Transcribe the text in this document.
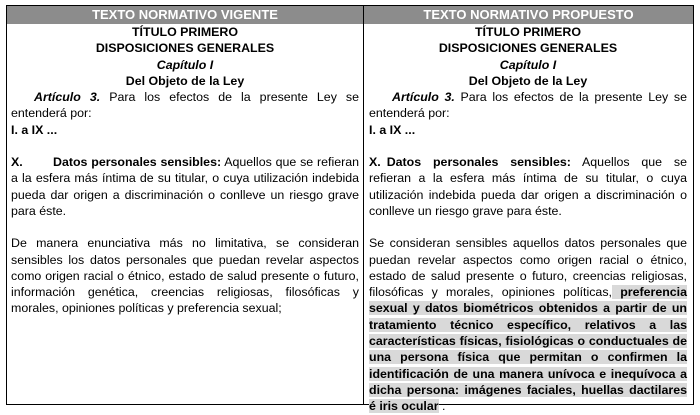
TEXTO NORMATIVO VIGENTE	TEXTO NORMATIVO PROPUESTO
TÍTULO PRIMERO
DISPOSICIONES GENERALES
Capítulo I
Del Objeto de la Ley

Artículo 3. Para los efectos de la presente Ley se entenderá por:

I. a IX ...

X. Datos personales sensibles: Aquellos que se refieran a la esfera más íntima de su titular, o cuya utilización indebida pueda dar origen a discriminación o conlleve un riesgo grave para éste.

De manera enunciativa más no limitativa, se consideran sensibles los datos personales que puedan revelar aspectos como origen racial o étnico, estado de salud presente o futuro, información genética, creencias religiosas, filosóficas y morales, opiniones políticas y preferencia sexual;

TÍTULO PRIMERO
DISPOSICIONES GENERALES
Capítulo I
Del Objeto de la Ley

Artículo 3. Para los efectos de la presente Ley se entenderá por:

I. a IX ...

X. Datos personales sensibles: Aquellos que se refieran a la esfera más íntima de su titular, o cuya utilización indebida pueda dar origen a discriminación o conlleve un riesgo grave para éste.

Se consideran sensibles aquellos datos personales que puedan revelar aspectos como origen racial o étnico, estado de salud presente o futuro, creencias religiosas, filosóficas y morales, opiniones políticas, preferencia sexual y datos biométricos obtenidos a partir de un tratamiento técnico específico, relativos a las características físicas, fisiológicas o conductuales de una persona física que permitan o confirmen la identificación de una manera unívoca e inequívoca a dicha persona: imágenes faciales, huellas dactilares é iris ocular .
